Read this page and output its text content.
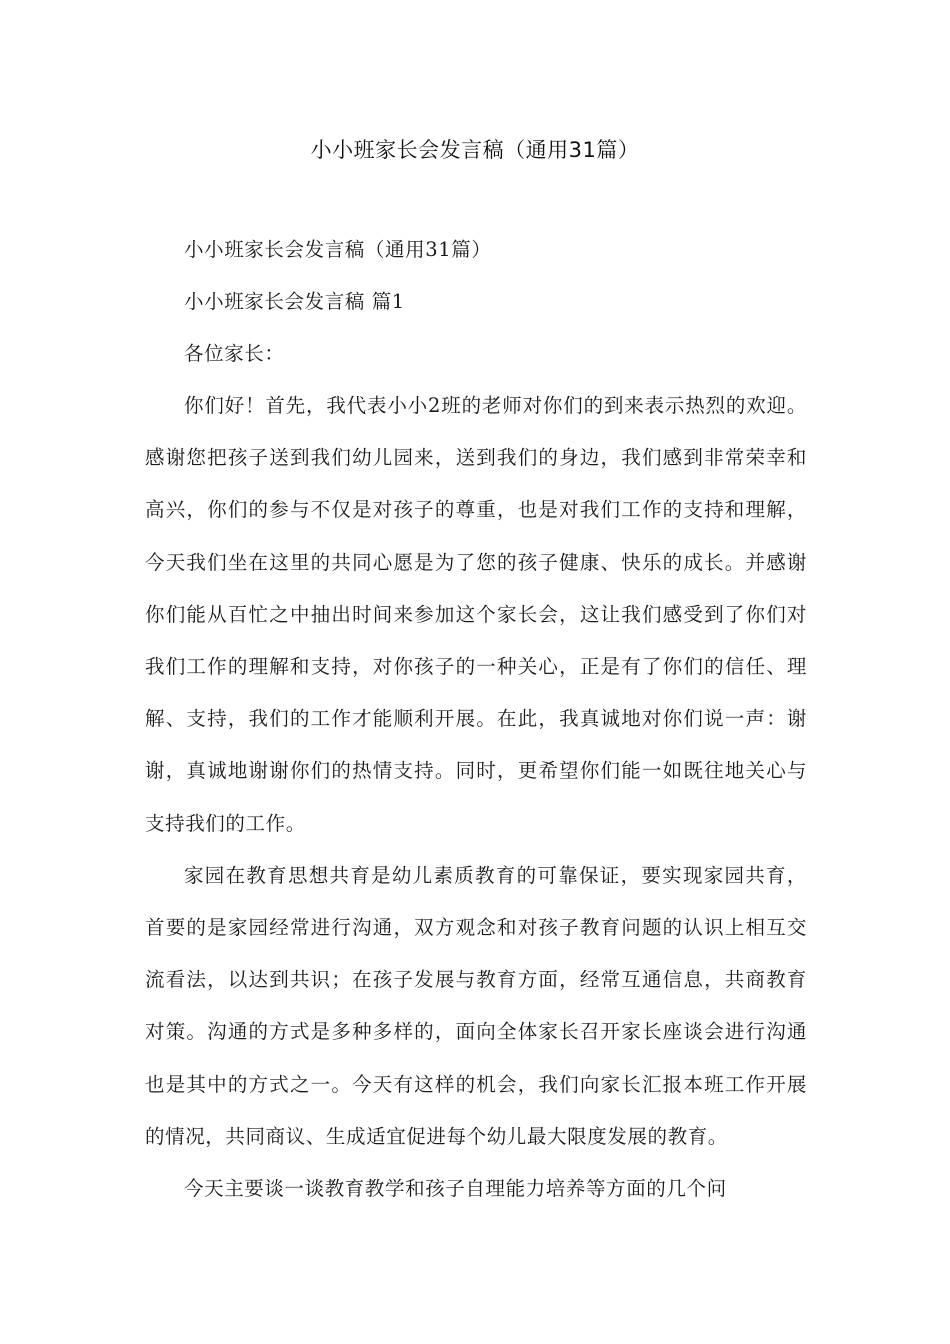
小小班家长会发言稿（通用31篇）

小小班家长会发言稿（通用31篇）

小小班家长会发言稿 篇1

各位家长：

你们好！首先，我代表小小2班的老师对你们的到来表示热烈的欢迎。感谢您把孩子送到我们幼儿园来，送到我们的身边，我们感到非常荣幸和高兴，你们的参与不仅是对孩子的尊重，也是对我们工作的支持和理解，今天我们坐在这里的共同心愿是为了您的孩子健康、快乐的成长。并感谢你们能从百忙之中抽出时间来参加这个家长会，这让我们感受到了你们对我们工作的理解和支持，对你孩子的一种关心，正是有了你们的信任、理解、支持，我们的工作才能顺利开展。在此，我真诚地对你们说一声：谢谢，真诚地谢谢你们的热情支持。同时，更希望你们能一如既往地关心与支持我们的工作。

家园在教育思想共育是幼儿素质教育的可靠保证，要实现家园共育，首要的是家园经常进行沟通，双方观念和对孩子教育问题的认识上相互交流看法，以达到共识；在孩子发展与教育方面，经常互通信息，共商教育对策。沟通的方式是多种多样的，面向全体家长召开家长座谈会进行沟通也是其中的方式之一。今天有这样的机会，我们向家长汇报本班工作开展的情况，共同商议、生成适宜促进每个幼儿最大限度发展的教育。

今天主要谈一谈教育教学和孩子自理能力培养等方面的几个问
